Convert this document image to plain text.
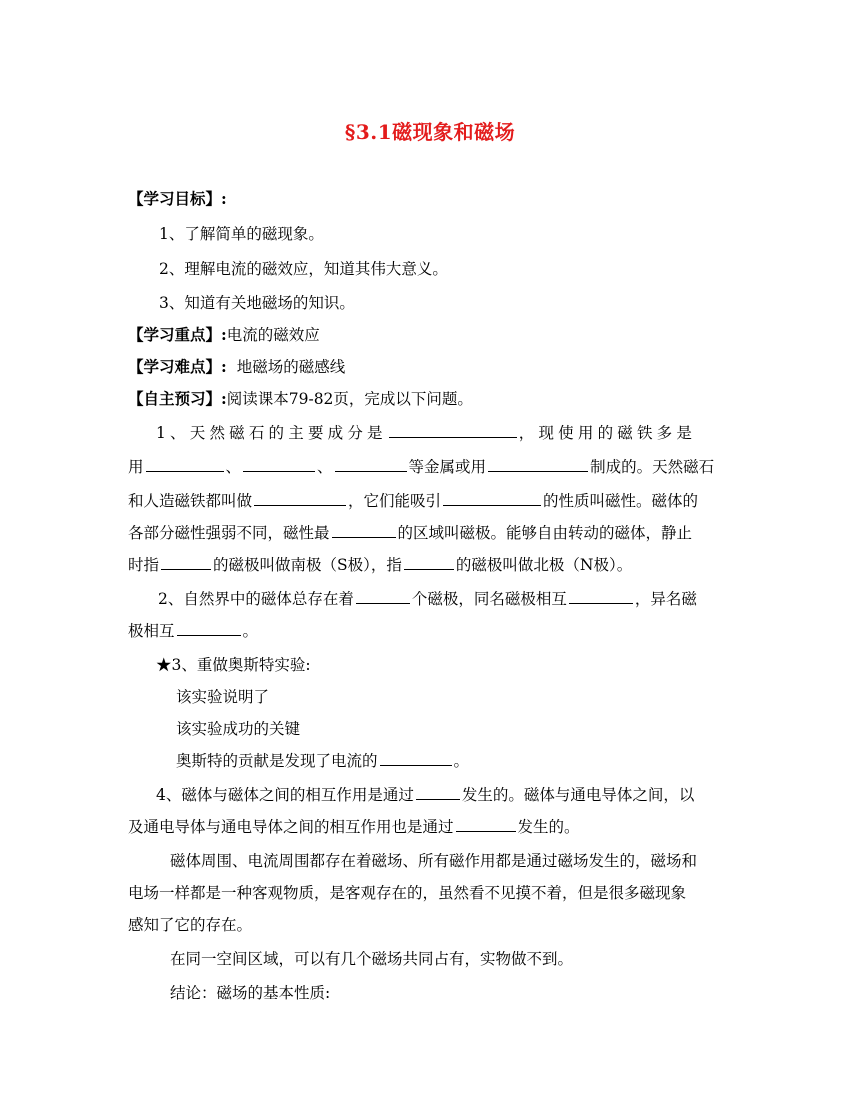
§3.1磁现象和磁场
【学习目标】:
1、了解简单的磁现象。
2、理解电流的磁效应，知道其伟大意义。
3、知道有关地磁场的知识。
【学习重点】:电流的磁效应
【学习难点】: 地磁场的磁感线
【自主预习】:阅读课本79-82页，完成以下问题。
1、天然磁石的主要成分是	，现使用的磁铁多是
用	、	、	等金属或用	制成的。天然磁石
和人造磁铁都叫做	，它们能吸引	的性质叫磁性。磁体的
各部分磁性强弱不同，磁性最	的区域叫磁极。能够自由转动的磁体，静止
时指	的磁极叫做南极（S极），指	的磁极叫做北极（N极）。
2、自然界中的磁体总存在着	个磁极，同名磁极相互	，异名磁
极相互	。
★3、重做奥斯特实验:
该实验说明了
该实验成功的关键
奥斯特的贡献是发现了电流的	。
4、磁体与磁体之间的相互作用是通过	发生的。磁体与通电导体之间，以
及通电导体与通电导体之间的相互作用也是通过	发生的。
磁体周围、电流周围都存在着磁场、所有磁作用都是通过磁场发生的，磁场和
电场一样都是一种客观物质，是客观存在的，虽然看不见摸不着，但是很多磁现象
感知了它的存在。
在同一空间区域，可以有几个磁场共同占有，实物做不到。
结论：磁场的基本性质:
